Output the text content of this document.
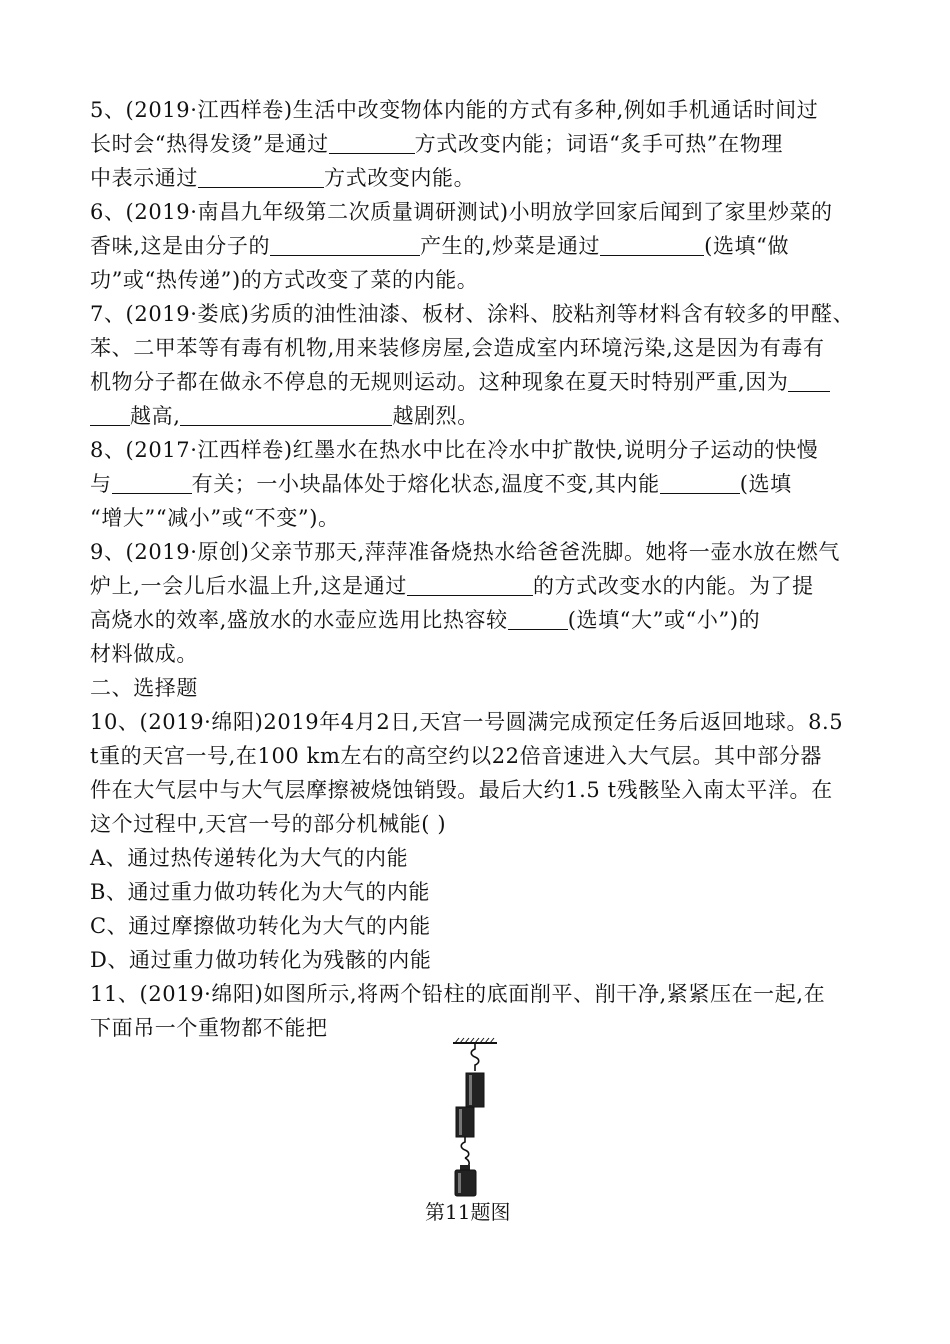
5、(2019·江西样卷)生活中改变物体内能的方式有多种,例如手机通话时间过
长时会“热得发烫”是通过	方式改变内能；词语“炙手可热”在物理
中表示通过	方式改变内能。
6、(2019·南昌九年级第二次质量调研测试)小明放学回家后闻到了家里炒菜的
香味,这是由分子的	产生的,炒菜是通过	(选填“做
功”或“热传递”)的方式改变了菜的内能。
7、(2019·娄底)劣质的油性油漆、板材、涂料、胶粘剂等材料含有较多的甲醛、
苯、二甲苯等有毒有机物,用来装修房屋,会造成室内环境污染,这是因为有毒有
机物分子都在做永不停息的无规则运动。这种现象在夏天时特别严重,因为
越高,	越剧烈。
8、(2017·江西样卷)红墨水在热水中比在冷水中扩散快,说明分子运动的快慢
与	有关；一小块晶体处于熔化状态,温度不变,其内能	(选填
“增大”“减小”或“不变”)。
9、(2019·原创)父亲节那天,萍萍准备烧热水给爸爸洗脚。她将一壶水放在燃气
炉上,一会儿后水温上升,这是通过	的方式改变水的内能。为了提
高烧水的效率,盛放水的水壶应选用比热容较	(选填“大”或“小”)的
材料做成。
二、选择题
10、(2019·绵阳)2019年4月2日,天宫一号圆满完成预定任务后返回地球。8.5
t重的天宫一号,在100 km左右的高空约以22倍音速进入大气层。其中部分器
件在大气层中与大气层摩擦被烧蚀销毁。最后大约1.5 t残骸坠入南太平洋。在
这个过程中,天宫一号的部分机械能( )
A、通过热传递转化为大气的内能
B、通过重力做功转化为大气的内能
C、通过摩擦做功转化为大气的内能
D、通过重力做功转化为残骸的内能
11、(2019·绵阳)如图所示,将两个铅柱的底面削平、削干净,紧紧压在一起,在
下面吊一个重物都不能把
第11题图
